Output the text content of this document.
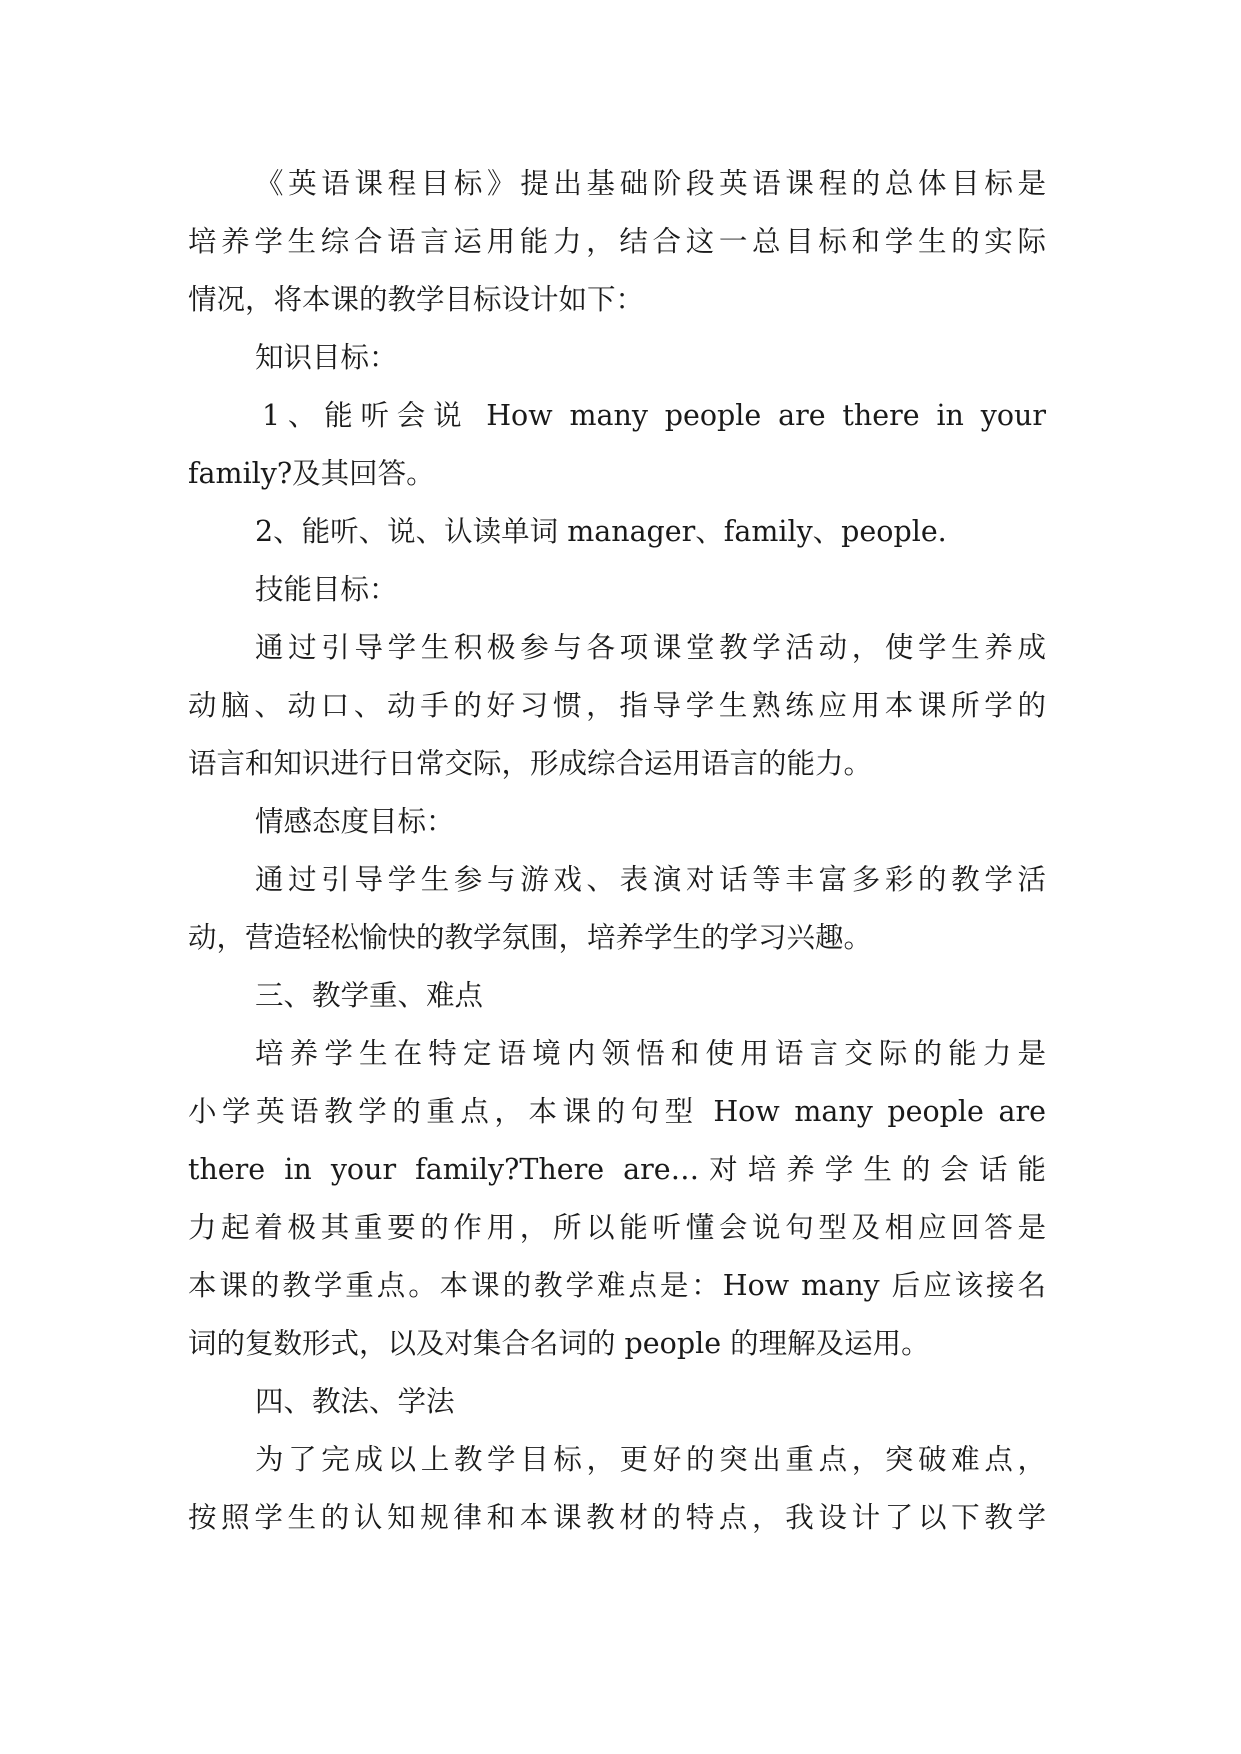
《英语课程目标》提出基础阶段英语课程的总体目标是
培养学生综合语言运用能力，结合这一总目标和学生的实际
情况，将本课的教学目标设计如下：
知识目标：
1、能听会说 How many people are there in your
family?及其回答。
2、能听、说、认读单词 manager、family、people.
技能目标：
通过引导学生积极参与各项课堂教学活动，使学生养成
动脑、动口、动手的好习惯，指导学生熟练应用本课所学的
语言和知识进行日常交际，形成综合运用语言的能力。
情感态度目标：
通过引导学生参与游戏、表演对话等丰富多彩的教学活
动，营造轻松愉快的教学氛围，培养学生的学习兴趣。
三、教学重、难点
培养学生在特定语境内领悟和使用语言交际的能力是
小学英语教学的重点，本课的句型 How many people are
there in your family?There are…对培养学生的会话能
力起着极其重要的作用，所以能听懂会说句型及相应回答是
本课的教学重点。本课的教学难点是：How many 后应该接名
词的复数形式，以及对集合名词的 people 的理解及运用。
四、教法、学法
为了完成以上教学目标，更好的突出重点，突破难点，
按照学生的认知规律和本课教材的特点，我设计了以下教学
